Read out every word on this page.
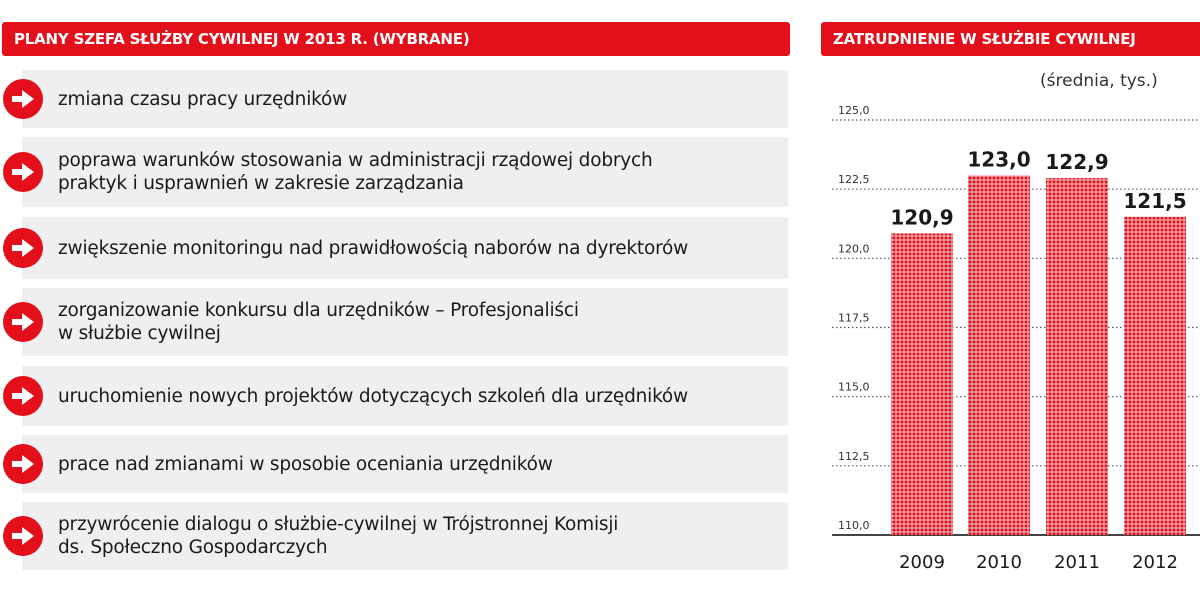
PLANY SZEFA SŁUŻBY CYWILNEJ W 2013 R. (WYBRANE)	ZATRUDNIENIE W SŁUŻBIE CYWILNEJ
zmiana czasu pracy urzędników
poprawa warunków stosowania w administracji rządowej dobrych
praktyk i usprawnień w zakresie zarządzania
zwiększenie monitoringu nad prawidłowością naborów na dyrektorów
zorganizowanie konkursu dla urzędników – Profesjonaliści
w służbie cywilnej
uruchomienie nowych projektów dotyczących szkoleń dla urzędników
prace nad zmianami w sposobie oceniania urzędników
przywrócenie dialogu o służbie-cywilnej w Trójstronnej Komisji
ds. Społeczno Gospodarczych
(średnia, tys.)
110,0
112,5
115,0
117,5
120,0
122,5
125,0
120,9
2009
123,0
2010
122,9
2011
121,5
2012
